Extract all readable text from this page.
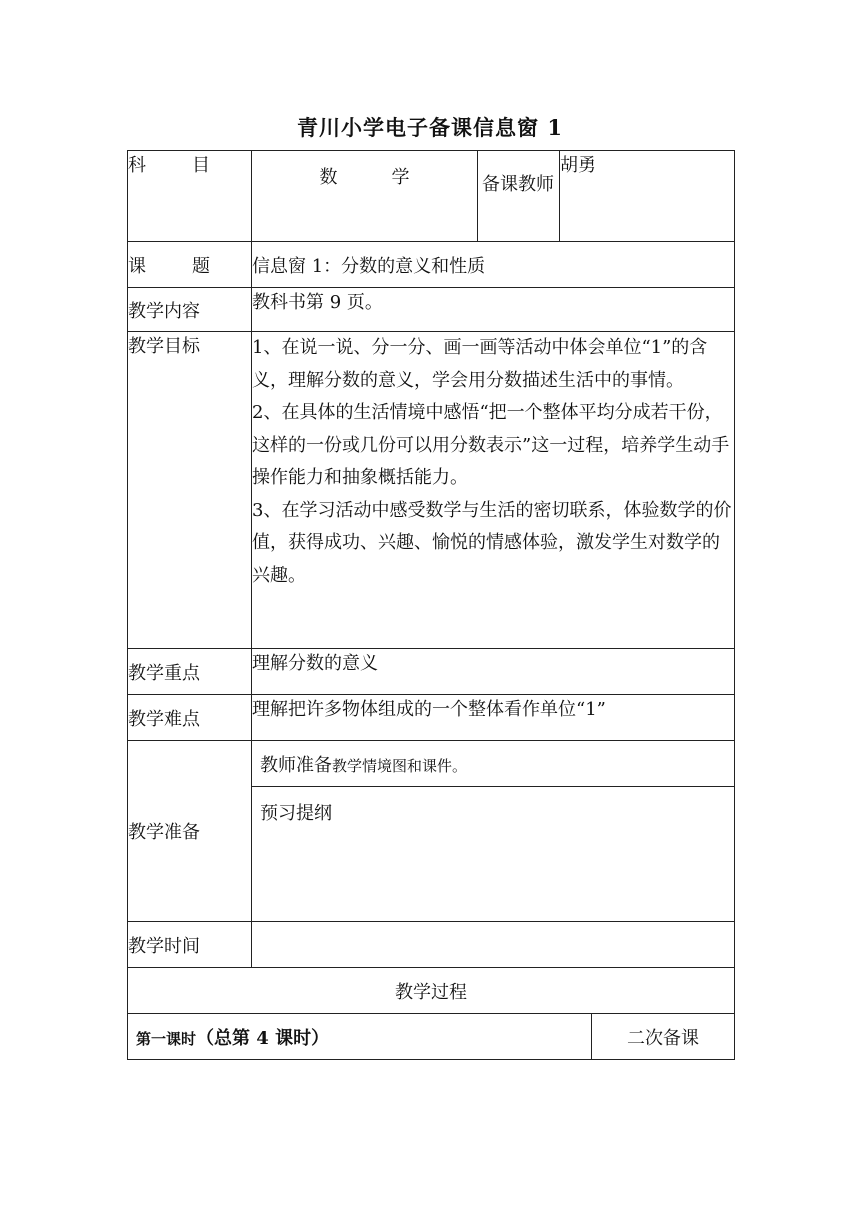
青川小学电子备课信息窗 1
科　　目	数　　　学	备课教师	胡勇	

课　　题	信息窗 1：分数的意义和性质			
教学内容	教科书第 9 页。			
教学目标	1、在说一说、分一分、画一画等活动中体会单位“1”的含义，理解分数的意义，学会用分数描述生活中的事情。

2、在具体的生活情境中感悟“把一个整体平均分成若干份，这样的一份或几份可以用分数表示”这一过程，培养学生动手操作能力和抽象概括能力。

3、在学习活动中感受数学与生活的密切联系，体验数学的价值，获得成功、兴趣、愉悦的情感体验，激发学生对数学的兴趣。			

教学重点	理解分数的意义			
教学难点	理解把许多物体组成的一个整体看作单位“1”			
教学准备	教师准备教学情境图和课件。			
	预习提纲			
教学时间				
教学过程				
第一课时（总第 4 课时）				二次备课
